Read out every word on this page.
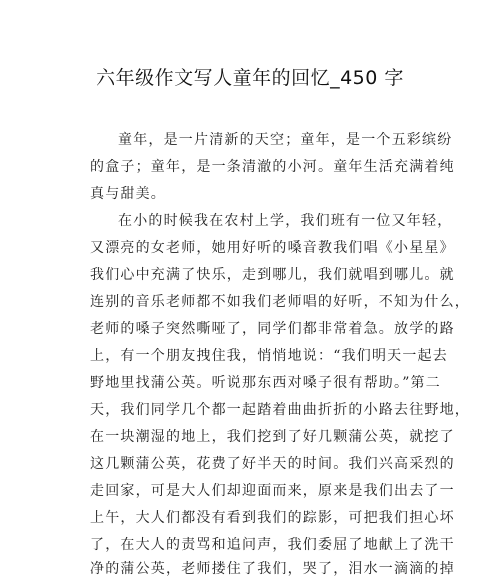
六年级作文写人童年的回忆_450 字
童年，是一片清新的天空；童年，是一个五彩缤纷
的盒子；童年，是一条清澈的小河。童年生活充满着纯
真与甜美。
在小的时候我在农村上学，我们班有一位又年轻，
又漂亮的女老师，她用好听的嗓音教我们唱《小星星》
我们心中充满了快乐，走到哪儿，我们就唱到哪儿。就
连别的音乐老师都不如我们老师唱的好听，不知为什么，
老师的嗓子突然嘶哑了，同学们都非常着急。放学的路
上，有一个朋友拽住我，悄悄地说：“我们明天一起去
野地里找蒲公英。听说那东西对嗓子很有帮助。”第二
天，我们同学几个都一起踏着曲曲折折的小路去往野地，
在一块潮湿的地上，我们挖到了好几颗蒲公英，就挖了
这几颗蒲公英，花费了好半天的时间。我们兴高采烈的
走回家，可是大人们却迎面而来，原来是我们出去了一
上午，大人们都没有看到我们的踪影，可把我们担心坏
了，在大人的责骂和追问声，我们委屈了地献上了洗干
净的蒲公英，老师搂住了我们，哭了，泪水一滴滴的掉
